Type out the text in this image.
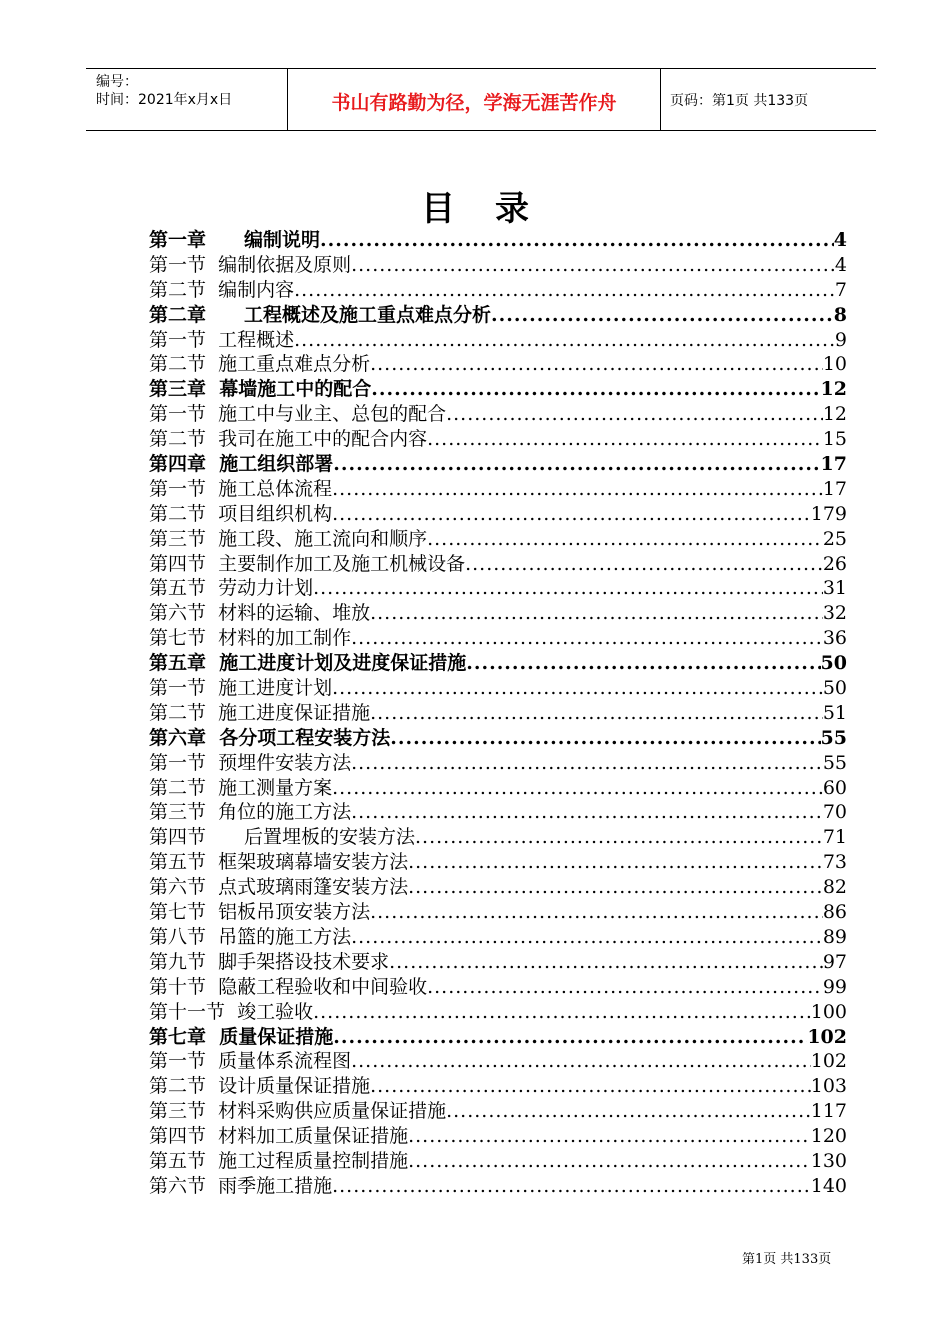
编号：
时间：2021年x月x日	书山有路勤为径，学海无涯苦作舟	页码：第1页 共133页
目录
第一章　　编制说明 .....	4
第一节  编制依据及原则 .....	4
第二节  编制内容 .....	7
第二章　　工程概述及施工重点难点分析 .....	8
第一节  工程概述 .....	9
第二节  施工重点难点分析 .....	10
第三章  幕墙施工中的配合 .....	12
第一节  施工中与业主、总包的配合 .....	12
第二节  我司在施工中的配合内容 .....	15
第四章  施工组织部署 .....	17
第一节  施工总体流程 .....	17
第二节  项目组织机构 .....	179
第三节  施工段、施工流向和顺序 .....	25
第四节  主要制作加工及施工机械设备 .....	26
第五节  劳动力计划 .....	31
第六节  材料的运输、堆放 .....	32
第七节  材料的加工制作 .....	36
第五章  施工进度计划及进度保证措施 .....	50
第一节  施工进度计划 .....	50
第二节  施工进度保证措施 .....	51
第六章  各分项工程安装方法 .....	55
第一节  预埋件安装方法 .....	55
第二节  施工测量方案 .....	60
第三节  角位的施工方法 .....	70
第四节　　后置埋板的安装方法 .....	71
第五节  框架玻璃幕墙安装方法 .....	73
第六节  点式玻璃雨篷安装方法 .....	82
第七节  铝板吊顶安装方法 .....	86
第八节  吊篮的施工方法 .....	89
第九节  脚手架搭设技术要求 .....	97
第十节  隐蔽工程验收和中间验收 .....	99
第十一节  竣工验收 .....	100
第七章  质量保证措施 .....	102
第一节  质量体系流程图 .....	102
第二节  设计质量保证措施 .....	103
第三节  材料采购供应质量保证措施 .....	117
第四节  材料加工质量保证措施 .....	120
第五节  施工过程质量控制措施 .....	130
第六节  雨季施工措施 .....	140
第1页 共133页
